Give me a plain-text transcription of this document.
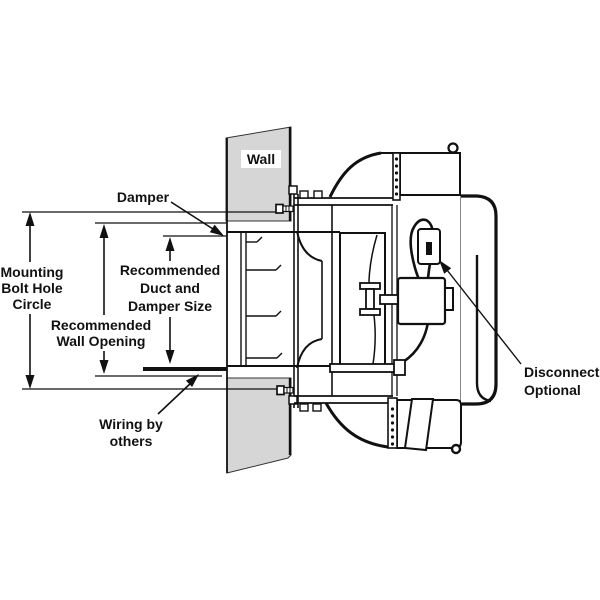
Wall
Damper
Mounting
Bolt Hole
Circle
Recommended
Duct and
Damper Size
Recommended
Wall Opening
Wiring by
others
Disconnect
Optional
